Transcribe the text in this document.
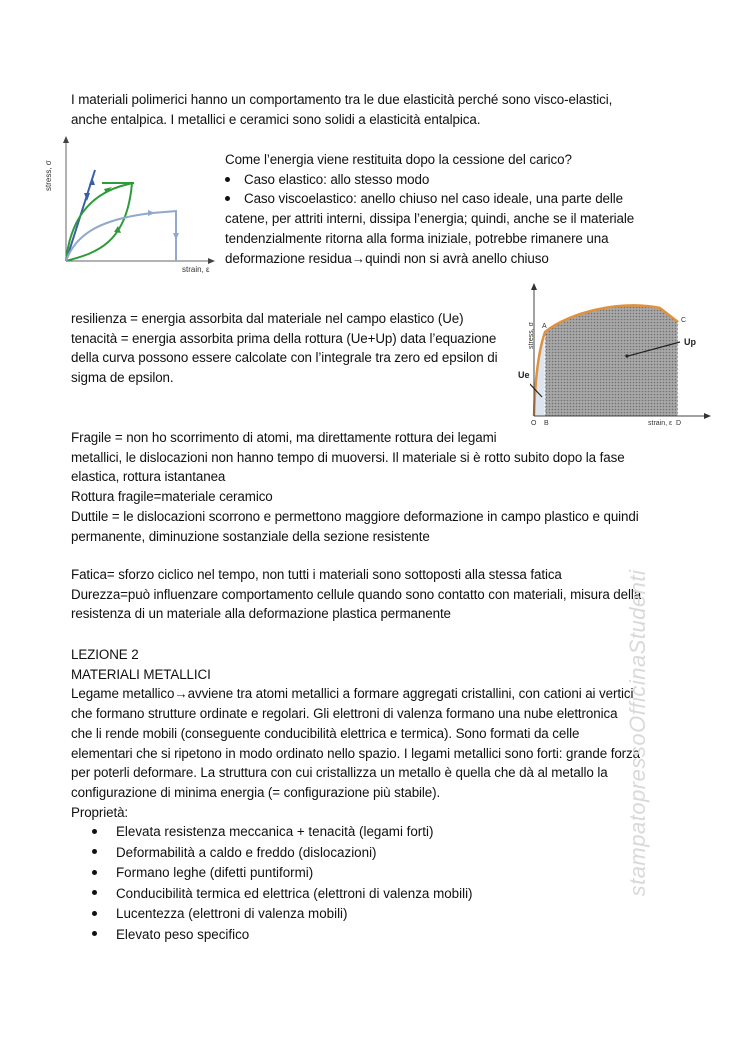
I materiali polimerici hanno un comportamento tra le due elasticità perché sono visco-elastici,
anche entalpica. I metallici e ceramici sono solidi a elasticità entalpica.
stress, σ
strain, ε
Come l’energia viene restituita dopo la cessione del carico?
Caso elastico: allo stesso modo
Caso viscoelastico: anello chiuso nel caso ideale, una parte delle
catene, per attriti interni, dissipa l’energia; quindi, anche se il materiale
tendenzialmente ritorna alla forma iniziale, potrebbe rimanere una
deformazione residua→quindi non si avrà anello chiuso
resilienza = energia assorbita dal materiale nel campo elastico (Ue)
tenacità = energia assorbita prima della rottura (Ue+Up) data l’equazione
della curva possono essere calcolate con l’integrale tra zero ed epsilon di
sigma de epsilon.
stress, σ
strain, ε
O B	D
A
C
Ue
Up
Fragile = non ho scorrimento di atomi, ma direttamente rottura dei legami
metallici, le dislocazioni non hanno tempo di muoversi. Il materiale si è rotto subito dopo la fase
elastica, rottura istantanea
Rottura fragile=materiale ceramico
Duttile = le dislocazioni scorrono e permettono maggiore deformazione in campo plastico e quindi
permanente, diminuzione sostanziale della sezione resistente
Fatica= sforzo ciclico nel tempo, non tutti i materiali sono sottoposti alla stessa fatica
Durezza=può influenzare comportamento cellule quando sono contatto con materiali, misura della
resistenza di un materiale alla deformazione plastica permanente
LEZIONE 2
MATERIALI METALLICI
Legame metallico→avviene tra atomi metallici a formare aggregati cristallini, con cationi ai vertici
che formano strutture ordinate e regolari. Gli elettroni di valenza formano una nube elettronica
che li rende mobili (conseguente conducibilità elettrica e termica). Sono formati da celle
elementari che si ripetono in modo ordinato nello spazio. I legami metallici sono forti: grande forza
per poterli deformare. La struttura con cui cristallizza un metallo è quella che dà al metallo la
configurazione di minima energia (= configurazione più stabile).
Proprietà:
Elevata resistenza meccanica + tenacità (legami forti)
Deformabilità a caldo e freddo (dislocazioni)
Formano leghe (difetti puntiformi)
Conducibilità termica ed elettrica (elettroni di valenza mobili)
Lucentezza (elettroni di valenza mobili)
Elevato peso specifico
stampatopressoOfficinaStudenti
